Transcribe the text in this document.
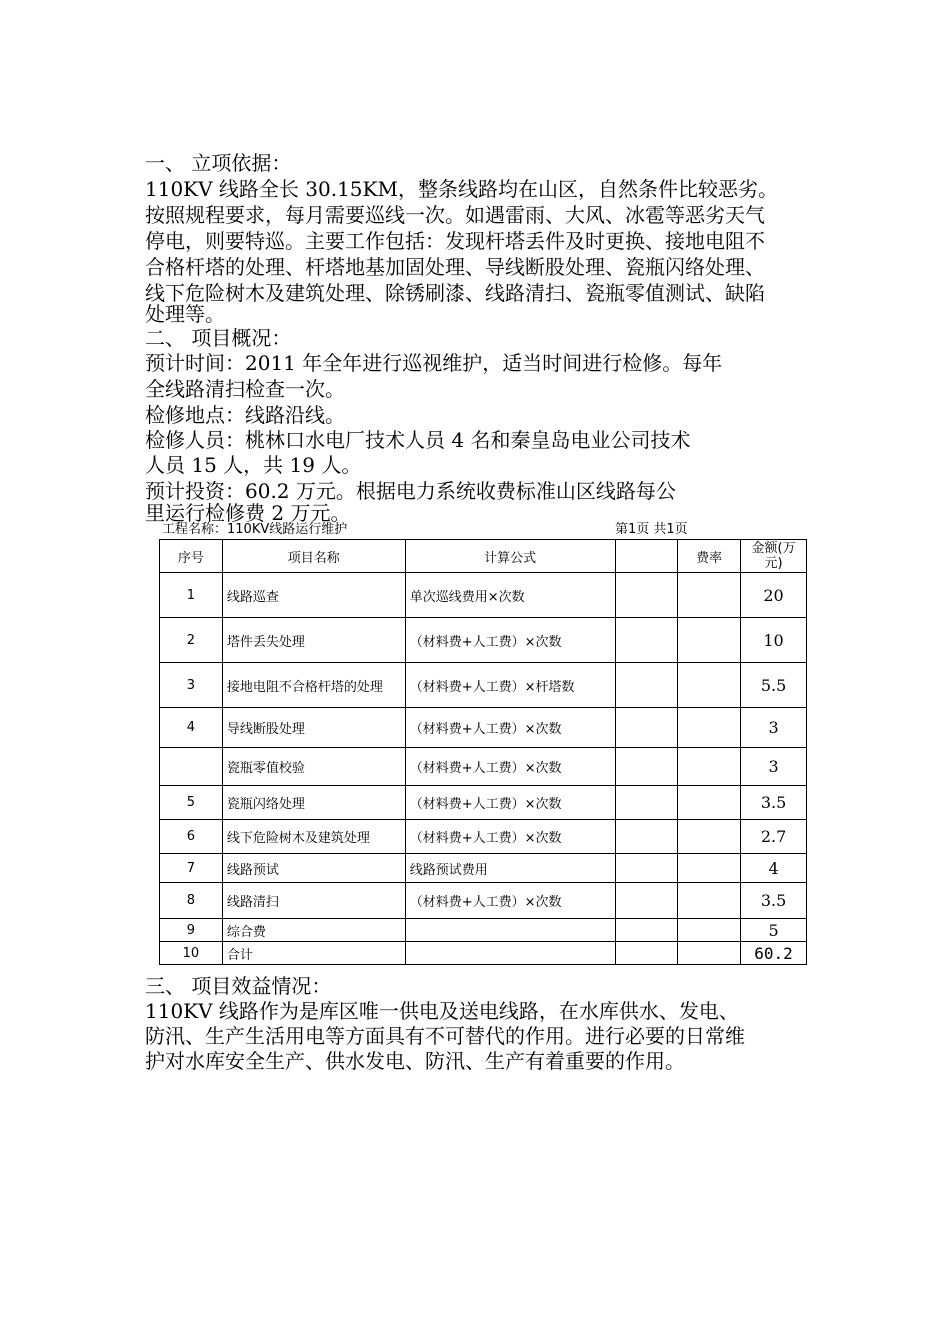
一、 立项依据：
110KV 线路全长 30.15KM，整条线路均在山区，自然条件比较恶劣。
按照规程要求，每月需要巡线一次。如遇雷雨、大风、冰雹等恶劣天气
停电，则要特巡。主要工作包括：发现杆塔丢件及时更换、接地电阻不
合格杆塔的处理、杆塔地基加固处理、导线断股处理、瓷瓶闪络处理、
线下危险树木及建筑处理、除锈刷漆、线路清扫、瓷瓶零值测试、缺陷
处理等。
二、 项目概况：
预计时间：2011 年全年进行巡视维护，适当时间进行检修。每年
全线路清扫检查一次。
检修地点：线路沿线。
检修人员：桃林口水电厂技术人员 4 名和秦皇岛电业公司技术
人员 15 人，共 19 人。
预计投资：60.2 万元。根据电力系统收费标准山区线路每公
里运行检修费 2 万元。
工程名称：110KV线路运行维护	第1页 共1页
序号	项目名称	计算公式		费率	金额(万元)
1	线路巡查	单次巡线费用×次数			20
2	塔件丢失处理	（材料费+人工费）×次数			10
3	接地电阻不合格杆塔的处理	（材料费+人工费）×杆塔数			5.5
4	导线断股处理	（材料费+人工费）×次数			3
	瓷瓶零值校验	（材料费+人工费）×次数			3
5	瓷瓶闪络处理	（材料费+人工费）×次数			3.5
6	线下危险树木及建筑处理	（材料费+人工费）×次数			2.7
7	线路预试	线路预试费用			4
8	线路清扫	（材料费+人工费）×次数			3.5
9	综合费				5
10	合计				60.2
三、 项目效益情况：
110KV 线路作为是库区唯一供电及送电线路，在水库供水、发电、
防汛、生产生活用电等方面具有不可替代的作用。进行必要的日常维
护对水库安全生产、供水发电、防汛、生产有着重要的作用。
